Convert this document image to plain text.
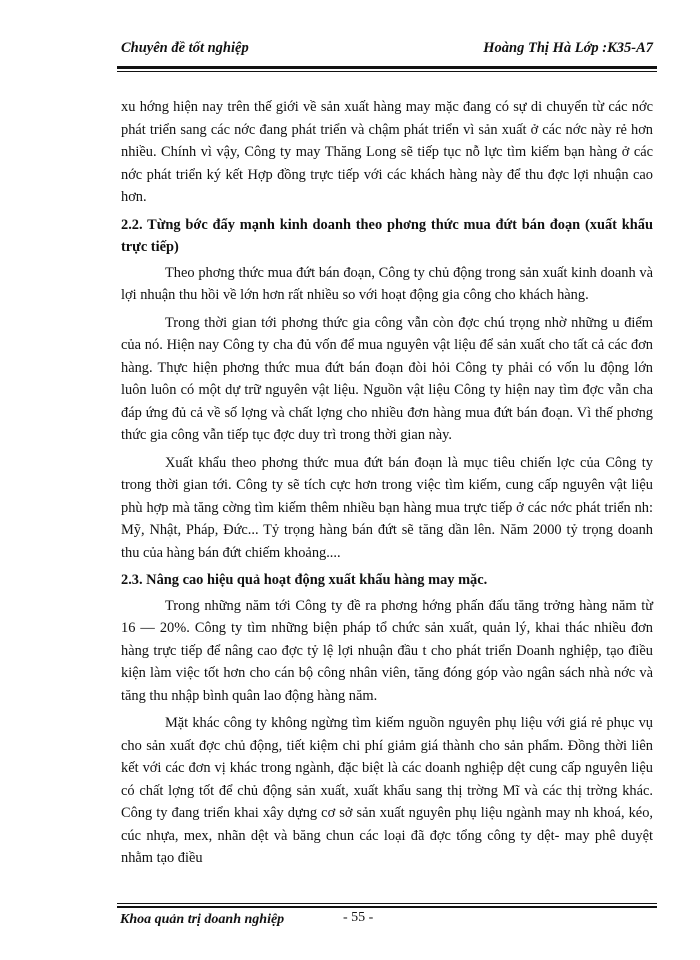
Chuyên đề tốt nghiệp	Hoàng Thị Hà Lớp :K35-A7

xu hớng hiện nay trên thế giới về sản xuất hàng may mặc đang có sự di chuyển từ các nớc phát triển sang các nớc đang phát triển và chậm phát triển vì sản xuất ở các nớc này rẻ hơn nhiều. Chính vì vậy, Công ty may Thăng Long sẽ tiếp tục nỗ lực tìm kiếm bạn hàng ở các nớc phát triển ký kết Hợp đồng trực tiếp với các khách hàng này để thu đợc lợi nhuận cao hơn.

2.2. Từng bớc đẩy mạnh kinh doanh theo phơng thức mua đứt bán đoạn (xuất khẩu trực tiếp)

Theo phơng thức mua đứt bán đoạn, Công ty chủ động trong sản xuất kinh doanh và lợi nhuận thu hồi về lớn hơn rất nhiều so với hoạt động gia công cho khách hàng.

Trong thời gian tới phơng thức gia công vẫn còn đợc chú trọng nhờ những u điểm của nó. Hiện nay Công ty cha đủ vốn để mua nguyên vật liệu để sản xuất cho tất cả các đơn hàng. Thực hiện phơng thức mua đứt bán đoạn đòi hỏi Công ty phải có vốn lu động lớn luôn luôn có một dự trữ nguyên vật liệu. Nguồn vật liệu Công ty hiện nay tìm đợc vẫn cha đáp ứng đủ cả về số lợng và chất lợng cho nhiều đơn hàng mua đứt bán đoạn. Vì thế phơng thức gia công vẫn tiếp tục đợc duy trì trong thời gian này.

Xuất khẩu theo phơng thức mua đứt bán đoạn là mục tiêu chiến lợc của Công ty trong thời gian tới. Công ty sẽ tích cực hơn trong việc tìm kiếm, cung cấp nguyên vật liệu phù hợp mà tăng cờng tìm kiếm thêm nhiều bạn hàng mua trực tiếp ở các nớc phát triển nh: Mỹ, Nhật, Pháp, Đức... Tỷ trọng hàng bán đứt sẽ tăng dần lên. Năm 2000 tỷ trọng doanh thu của hàng bán đứt chiếm khoảng....

2.3. Nâng cao hiệu quả hoạt động xuất khẩu hàng may mặc.

Trong những năm tới Công ty đề ra phơng hớng phấn đấu tăng trởng hàng năm từ 16 — 20%. Công ty tìm những biện pháp tổ chức sản xuất, quản lý, khai thác nhiều đơn hàng trực tiếp để nâng cao đợc tỷ lệ lợi nhuận đầu t cho phát triển Doanh nghiệp, tạo điều kiện làm việc tốt hơn cho cán bộ công nhân viên, tăng đóng góp vào ngân sách nhà nớc và tăng thu nhập bình quân lao động hàng năm.

Mặt khác công ty không ngừng tìm kiếm nguồn nguyên phụ liệu với giá rẻ phục vụ cho sản xuất đợc chủ động, tiết kiệm chi phí giảm giá thành cho sản phẩm. Đồng thời liên kết với các đơn vị khác trong ngành, đặc biệt là các doanh nghiệp dệt cung cấp nguyên liệu có chất lợng tốt để chủ động sản xuất, xuất khẩu sang thị trờng Mĩ và các thị trờng khác. Công ty đang triển khai xây dựng cơ sở sản xuất nguyên phụ liệu ngành may nh khoá, kéo, cúc nhựa, mex, nhãn dệt và băng chun các loại đã đợc tổng công ty dệt- may phê duyệt nhằm tạo điều

Khoa quản trị doanh nghiệp	- 55 -
